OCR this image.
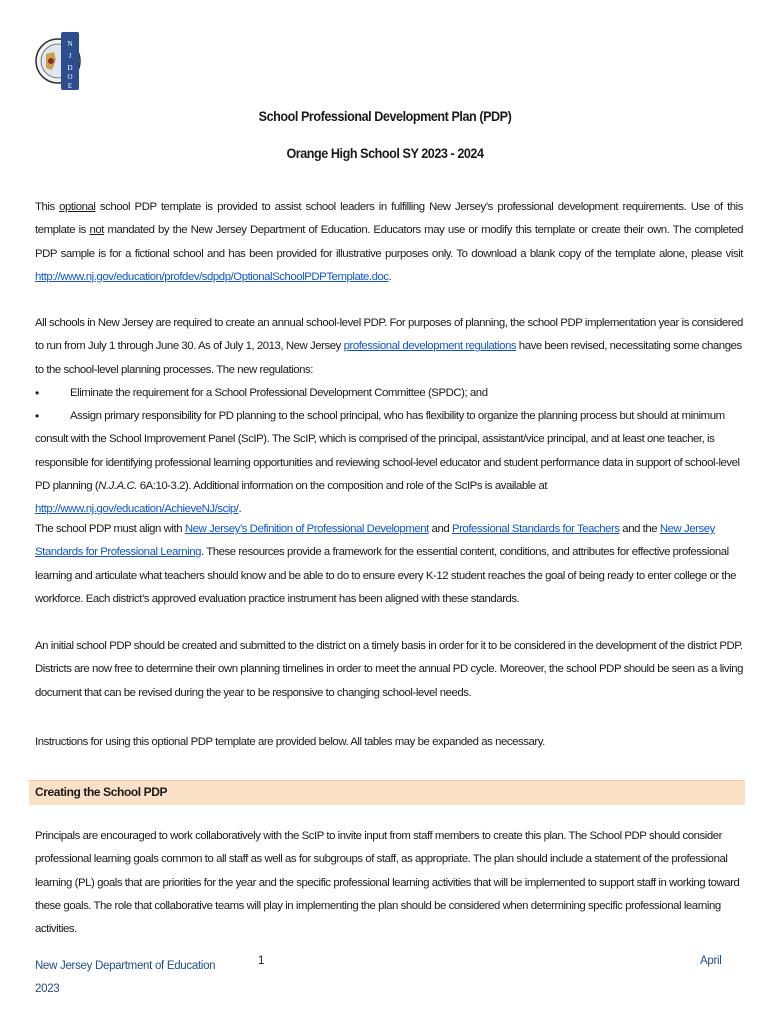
N
J
D
O
E
School Professional Development Plan (PDP)
Orange High School SY 2023 - 2024
This optional school PDP template is provided to assist school leaders in fulfilling New Jersey’s professional development requirements. Use of this template is not mandated by the New Jersey Department of Education. Educators may use or modify this template or create their own. The completed PDP sample is for a fictional school and has been provided for illustrative purposes only. To download a blank copy of the template alone, please visit http://www.nj.gov/education/profdev/sdpdp/OptionalSchoolPDPTemplate.doc.
All schools in New Jersey are required to create an annual school-level PDP. For purposes of planning, the school PDP implementation year is considered to run from July 1 through June 30. As of July 1, 2013, New Jersey professional development regulations have been revised, necessitating some changes to the school-level planning processes. The new regulations:
• Eliminate the requirement for a School Professional Development Committee (SPDC); and
• Assign primary responsibility for PD planning to the school principal, who has flexibility to organize the planning process but should at minimum consult with the School Improvement Panel (ScIP). The ScIP, which is comprised of the principal, assistant/vice principal, and at least one teacher, is responsible for identifying professional learning opportunities and reviewing school-level educator and student performance data in support of school-level PD planning (N.J.A.C. 6A:10-3.2). Additional information on the composition and role of the ScIPs is available at http://www.nj.gov/education/AchieveNJ/scip/.
The school PDP must align with New Jersey’s Definition of Professional Development and Professional Standards for Teachers and the New Jersey Standards for Professional Learning. These resources provide a framework for the essential content, conditions, and attributes for effective professional learning and articulate what teachers should know and be able to do to ensure every K-12 student reaches the goal of being ready to enter college or the workforce. Each district’s approved evaluation practice instrument has been aligned with these standards.
An initial school PDP should be created and submitted to the district on a timely basis in order for it to be considered in the development of the district PDP. Districts are now free to determine their own planning timelines in order to meet the annual PD cycle. Moreover, the school PDP should be seen as a living document that can be revised during the year to be responsive to changing school-level needs.
Instructions for using this optional PDP template are provided below. All tables may be expanded as necessary.
Creating the School PDP
Principals are encouraged to work collaboratively with the ScIP to invite input from staff members to create this plan. The School PDP should consider professional learning goals common to all staff as well as for subgroups of staff, as appropriate. The plan should include a statement of the professional learning (PL) goals that are priorities for the year and the specific professional learning activities that will be implemented to support staff in working toward these goals. The role that collaborative teams will play in implementing the plan should be considered when determining specific professional learning activities.
New Jersey Department of Education
2023
1	April
